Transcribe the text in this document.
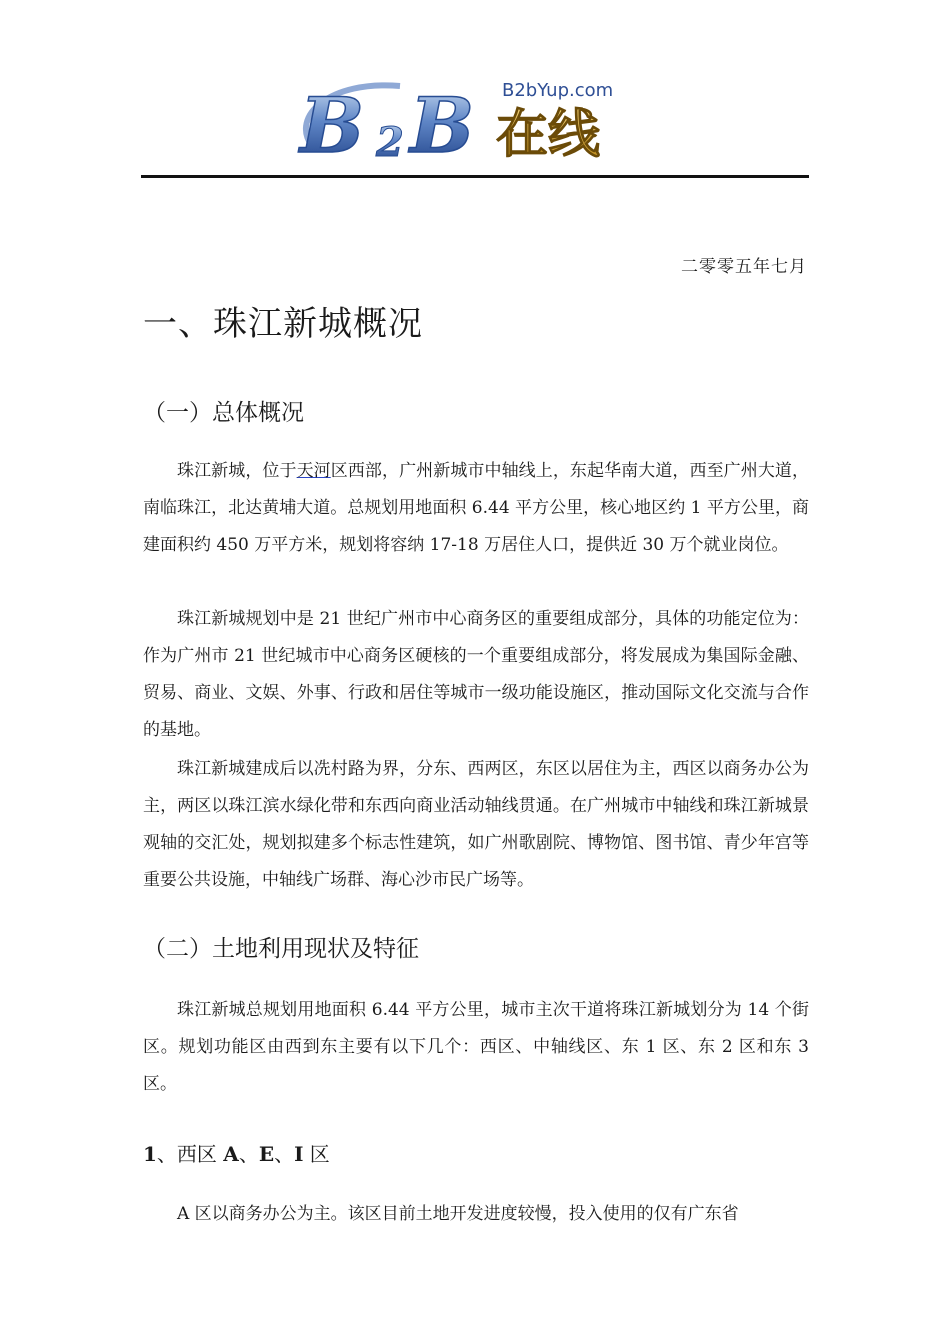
B 2 B B2bYup.com
在线
二零零五年七月
一、珠江新城概况
（一）总体概况

珠江新城，位于天河区西部，广州新城市中轴线上，东起华南大道，西至广州大道，南临珠江，北达黄埔大道。总规划用地面积 6.44 平方公里，核心地区约 1 平方公里，商建面积约 450 万平方米，规划将容纳 17-18 万居住人口，提供近 30 万个就业岗位。

珠江新城规划中是 21 世纪广州市中心商务区的重要组成部分，具体的功能定位为：作为广州市 21 世纪城市中心商务区硬核的一个重要组成部分，将发展成为集国际金融、贸易、商业、文娱、外事、行政和居住等城市一级功能设施区，推动国际文化交流与合作的基地。

珠江新城建成后以冼村路为界，分东、西两区，东区以居住为主，西区以商务办公为主，两区以珠江滨水绿化带和东西向商业活动轴线贯通。在广州城市中轴线和珠江新城景观轴的交汇处，规划拟建多个标志性建筑，如广州歌剧院、博物馆、图书馆、青少年宫等重要公共设施，中轴线广场群、海心沙市民广场等。

（二）土地利用现状及特征

珠江新城总规划用地面积 6.44 平方公里，城市主次干道将珠江新城划分为 14 个街区。规划功能区由西到东主要有以下几个：西区、中轴线区、东 1 区、东 2 区和东 3 区。

1、西区 A、E、I 区

A 区以商务办公为主。该区目前土地开发进度较慢，投入使用的仅有广东省
